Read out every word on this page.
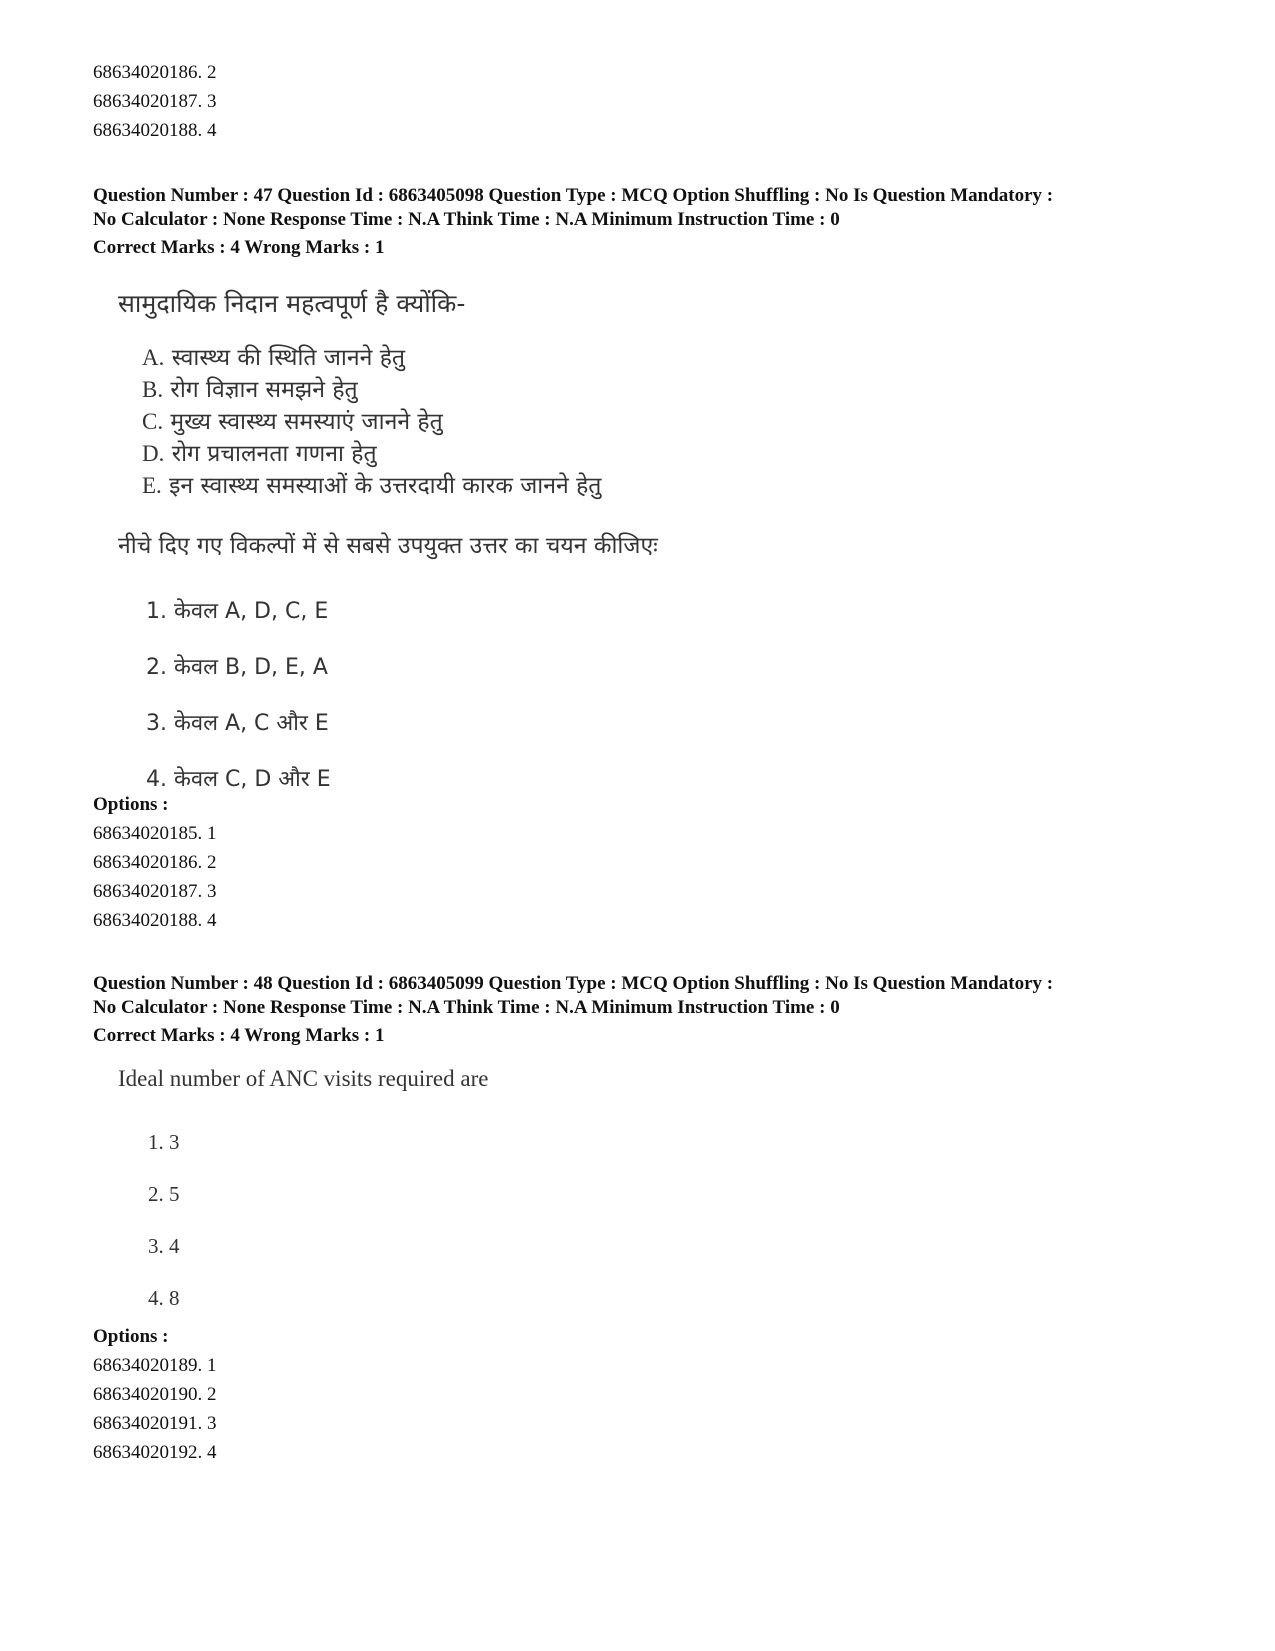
68634020186. 2

68634020187. 3

68634020188. 4

Question Number : 47 Question Id : 6863405098 Question Type : MCQ Option Shuffling : No Is Question Mandatory :

No Calculator : None Response Time : N.A Think Time : N.A Minimum Instruction Time : 0

Correct Marks : 4 Wrong Marks : 1

सामुदायिक निदान महत्वपूर्ण है क्योंकि-

A. स्वास्थ्य की स्थिति जानने हेतु

B. रोग विज्ञान समझने हेतु

C. मुख्य स्वास्थ्य समस्याएं जानने हेतु

D. रोग प्रचालनता गणना हेतु

E. इन स्वास्थ्य समस्याओं के उत्तरदायी कारक जानने हेतु

नीचे दिए गए विकल्पों में से सबसे उपयुक्त उत्तर का चयन कीजिएः

1. केवल A, D, C, E

2. केवल B, D, E, A

3. केवल A, C और E

4. केवल C, D और E

Options :

68634020185. 1

68634020186. 2

68634020187. 3

68634020188. 4

Question Number : 48 Question Id : 6863405099 Question Type : MCQ Option Shuffling : No Is Question Mandatory :

No Calculator : None Response Time : N.A Think Time : N.A Minimum Instruction Time : 0

Correct Marks : 4 Wrong Marks : 1

Ideal number of ANC visits required are

1. 3

2. 5

3. 4

4. 8

Options :

68634020189. 1

68634020190. 2

68634020191. 3

68634020192. 4
